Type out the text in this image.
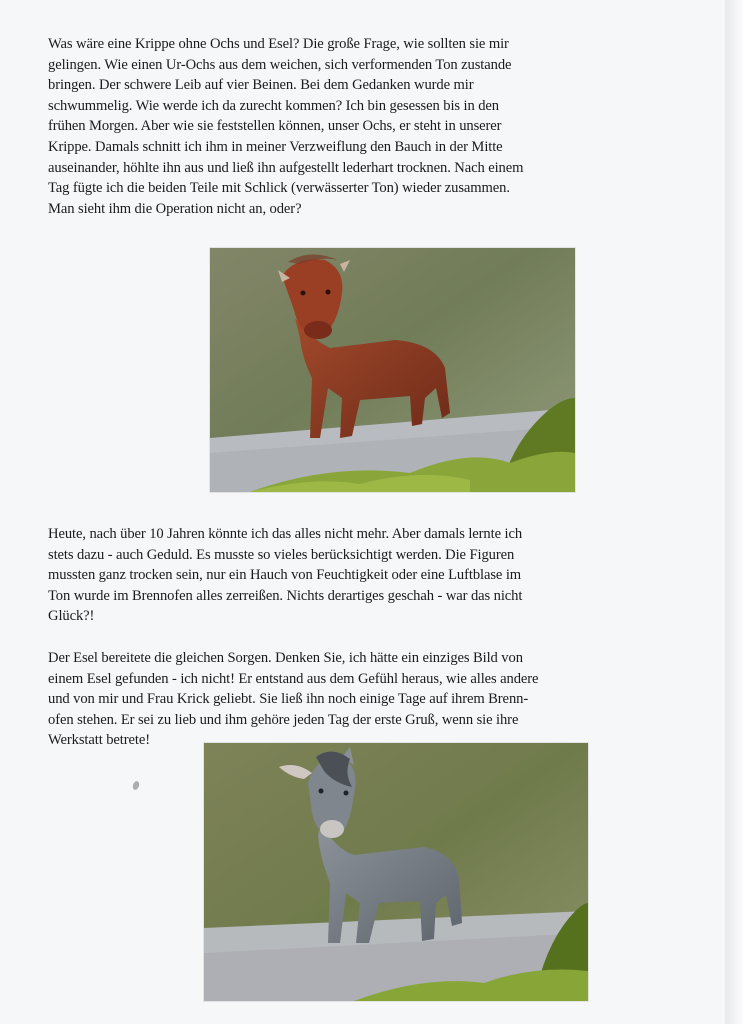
Was wäre eine Krippe ohne Ochs und Esel? Die große Frage, wie sollten sie mir
gelingen. Wie einen Ur-Ochs aus dem weichen, sich verformenden Ton zustande
bringen. Der schwere Leib auf vier Beinen. Bei dem Gedanken wurde mir
schwummelig. Wie werde ich da zurecht kommen? Ich bin gesessen bis in den
frühen Morgen. Aber wie sie feststellen können, unser Ochs, er steht in unserer
Krippe. Damals schnitt ich ihm in meiner Verzweiflung den Bauch in der Mitte
auseinander, höhlte ihn aus und ließ ihn aufgestellt lederhart trocknen. Nach einem
Tag fügte ich die beiden Teile mit Schlick (verwässerter Ton) wieder zusammen.
Man sieht ihm die Operation nicht an, oder?

Heute, nach über 10 Jahren könnte ich das alles nicht mehr. Aber damals lernte ich
stets dazu - auch Geduld. Es musste so vieles berücksichtigt werden. Die Figuren
mussten ganz trocken sein, nur ein Hauch von Feuchtigkeit oder eine Luftblase im
Ton wurde im Brennofen alles zerreißen. Nichts derartiges geschah - war das nicht
Glück?!

Der Esel bereitete die gleichen Sorgen. Denken Sie, ich hätte ein einziges Bild von
einem Esel gefunden - ich nicht! Er entstand aus dem Gefühl heraus, wie alles andere
und von mir und Frau Krick geliebt. Sie ließ ihn noch einige Tage auf ihrem Brenn-
ofen stehen. Er sei zu lieb und ihm gehöre jeden Tag der erste Gruß, wenn sie ihre
Werkstatt betrete!
